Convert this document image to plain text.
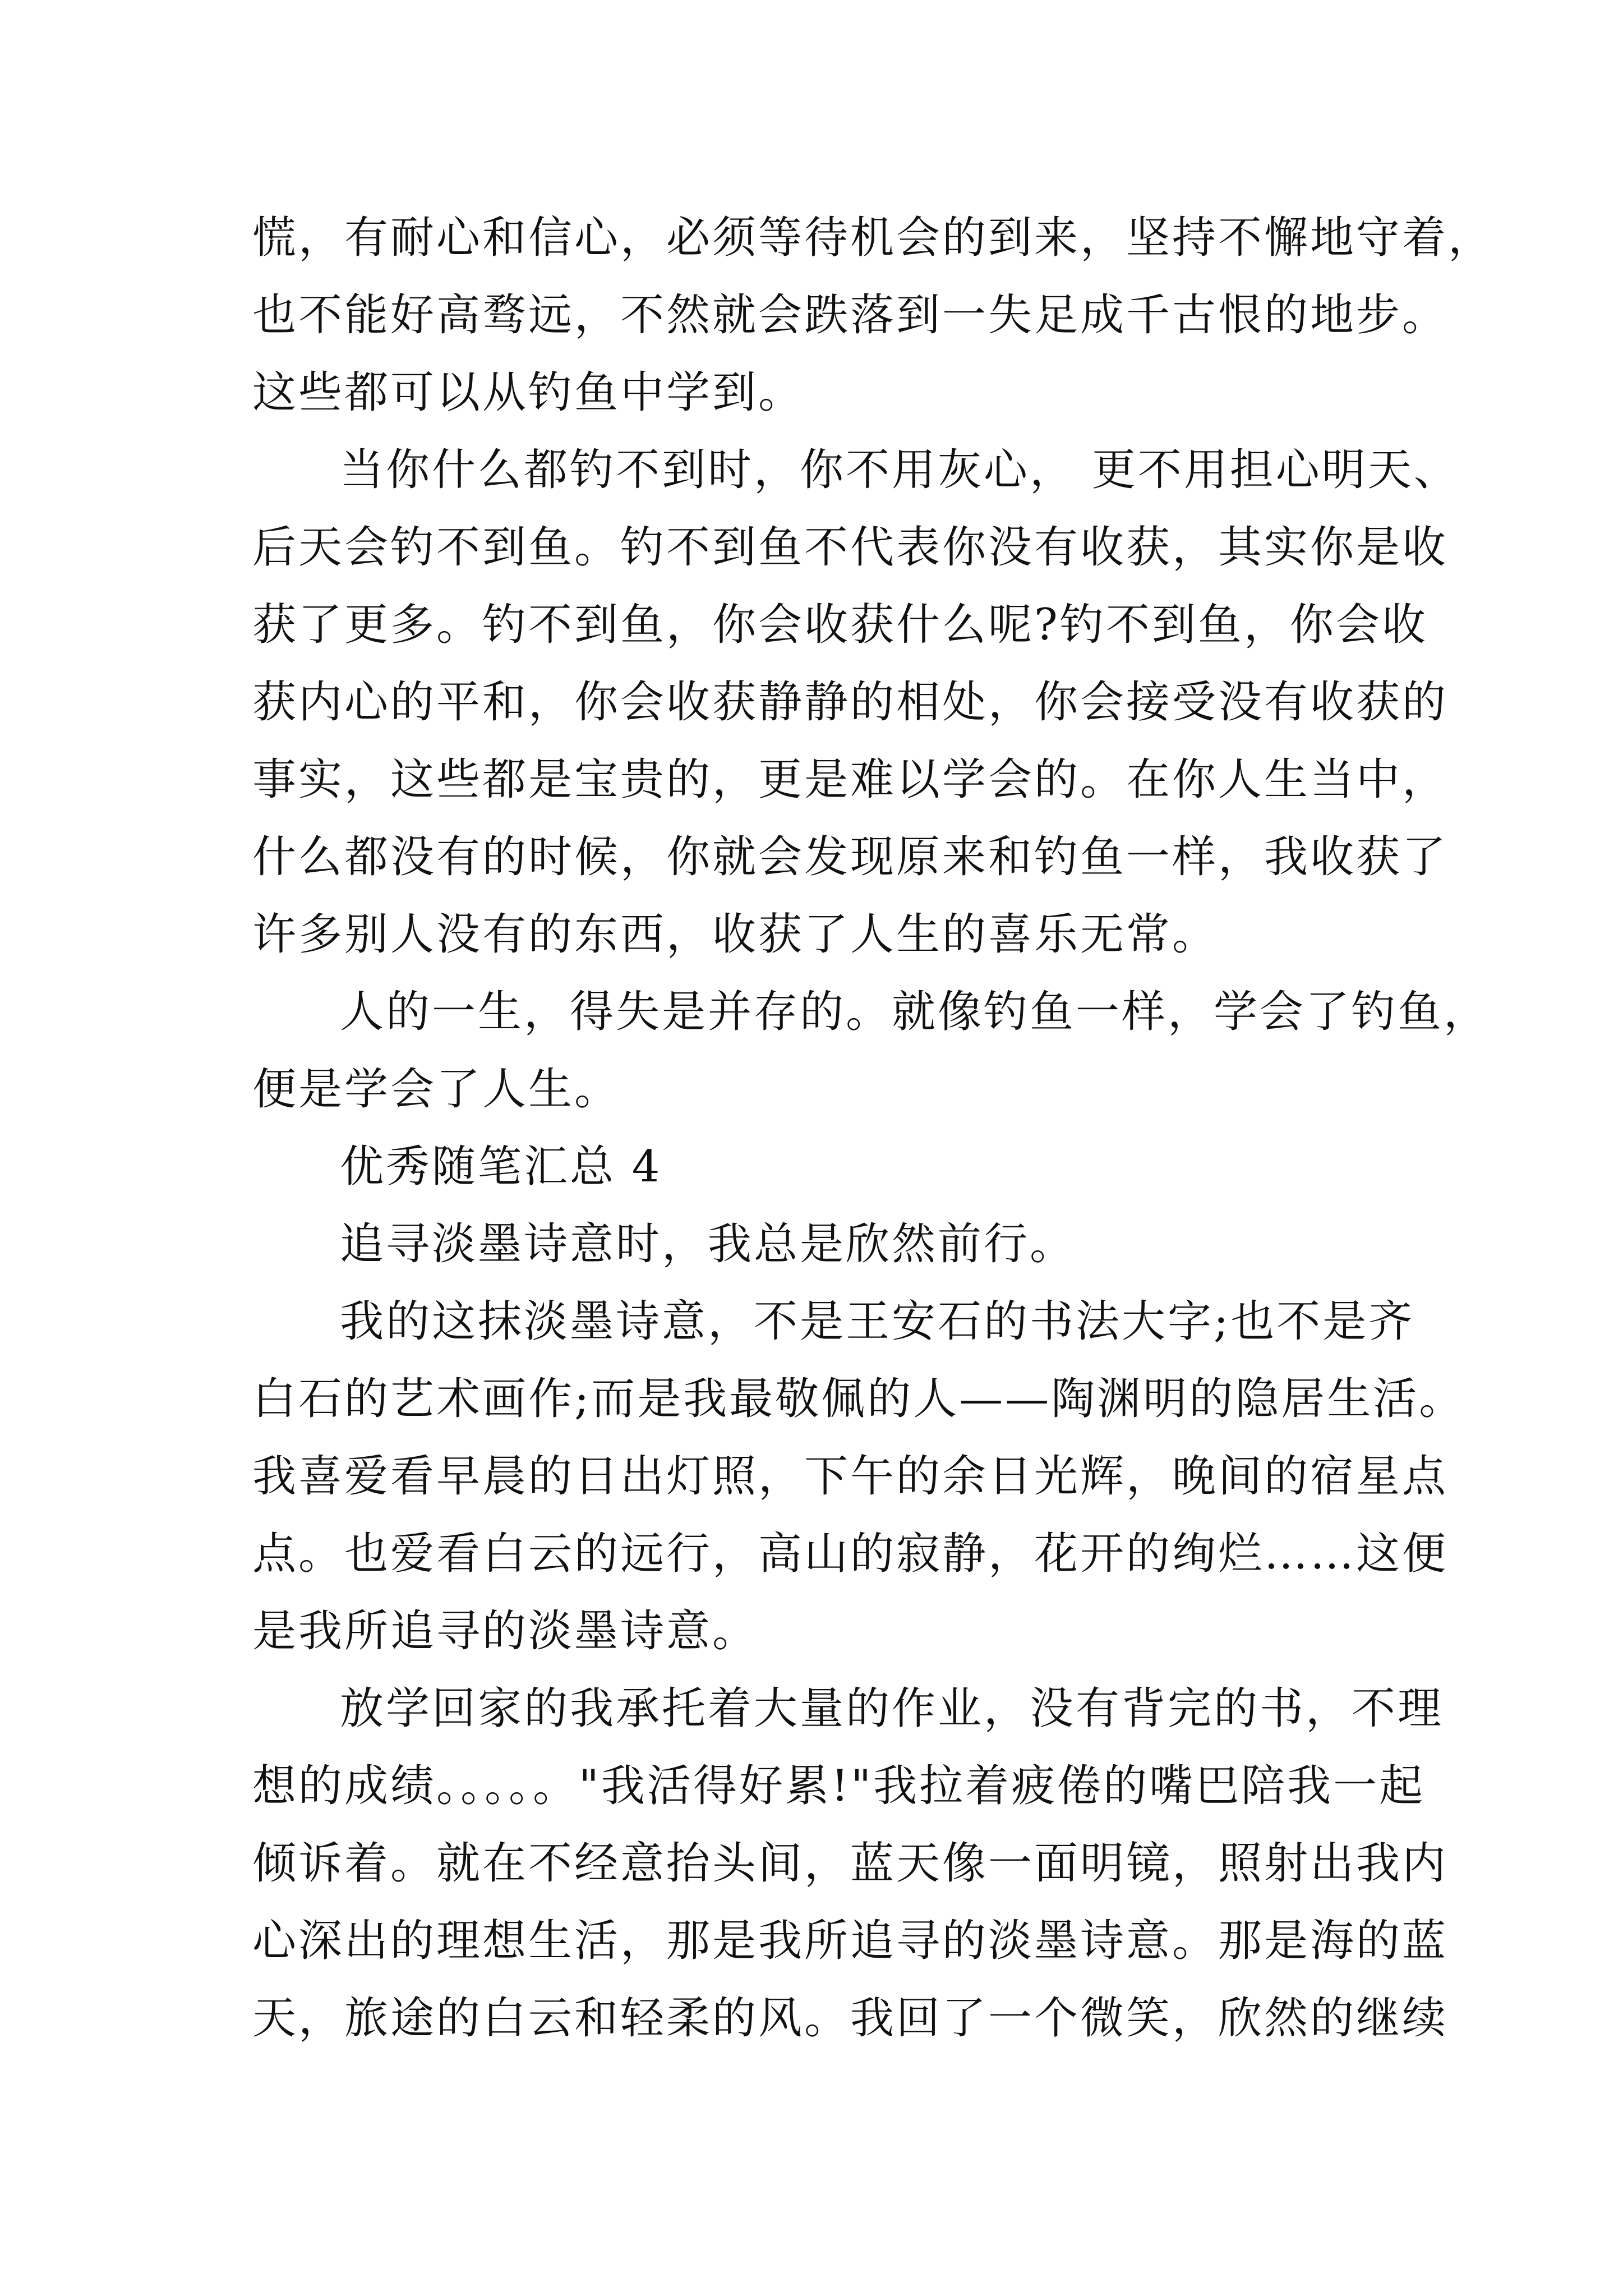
慌，有耐心和信心，必须等待机会的到来，坚持不懈地守着，
也不能好高骛远，不然就会跌落到一失足成千古恨的地步。
这些都可以从钓鱼中学到。
当你什么都钓不到时，你不用灰心， 更不用担心明天、
后天会钓不到鱼。钓不到鱼不代表你没有收获，其实你是收
获了更多。钓不到鱼，你会收获什么呢?钓不到鱼，你会收
获内心的平和，你会收获静静的相处，你会接受没有收获的
事实，这些都是宝贵的，更是难以学会的。在你人生当中，
什么都没有的时候，你就会发现原来和钓鱼一样，我收获了
许多别人没有的东西，收获了人生的喜乐无常。
人的一生，得失是并存的。就像钓鱼一样，学会了钓鱼，
便是学会了人生。
优秀随笔汇总 4
追寻淡墨诗意时，我总是欣然前行。
我的这抹淡墨诗意，不是王安石的书法大字;也不是齐
白石的艺术画作;而是我最敬佩的人——陶渊明的隐居生活。
我喜爱看早晨的日出灯照，下午的余日光辉，晚间的宿星点
点。也爱看白云的远行，高山的寂静，花开的绚烂……这便
是我所追寻的淡墨诗意。
放学回家的我承托着大量的作业，没有背完的书，不理
想的成绩。。。。。"我活得好累!"我拉着疲倦的嘴巴陪我一起
倾诉着。就在不经意抬头间，蓝天像一面明镜，照射出我内
心深出的理想生活，那是我所追寻的淡墨诗意。那是海的蓝
天，旅途的白云和轻柔的风。我回了一个微笑，欣然的继续
